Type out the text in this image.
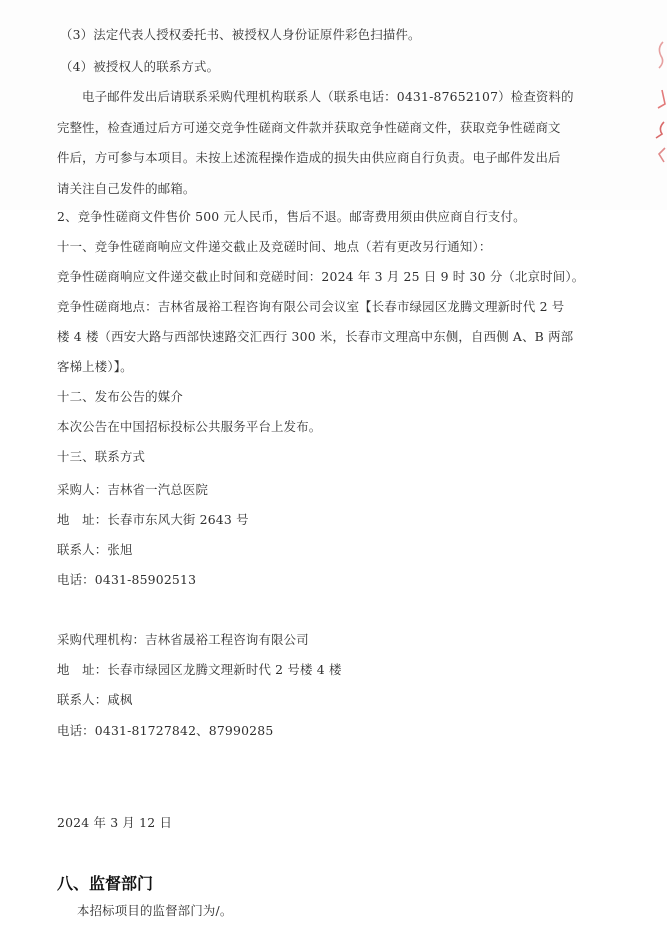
（3）法定代表人授权委托书、被授权人身份证原件彩色扫描件。
（4）被授权人的联系方式。
电子邮件发出后请联系采购代理机构联系人（联系电话：0431-87652107）检查资料的
完整性，检查通过后方可递交竞争性磋商文件款并获取竞争性磋商文件，获取竞争性磋商文
件后，方可参与本项目。未按上述流程操作造成的损失由供应商自行负责。电子邮件发出后
请关注自己发件的邮箱。
2、竞争性磋商文件售价 500 元人民币，售后不退。邮寄费用须由供应商自行支付。
十一、竞争性磋商响应文件递交截止及竞磋时间、地点（若有更改另行通知）：
竞争性磋商响应文件递交截止时间和竞磋时间：2024 年 3 月 25 日 9 时 30 分（北京时间）。
竞争性磋商地点：吉林省晟裕工程咨询有限公司会议室【长春市绿园区龙腾文理新时代 2 号
楼 4 楼（西安大路与西部快速路交汇西行 300 米，长春市文理高中东侧，自西侧 A、B 两部
客梯上楼）】。
十二、发布公告的媒介
本次公告在中国招标投标公共服务平台上发布。
十三、联系方式
采购人：吉林省一汽总医院
地　址：长春市东风大街 2643 号
联系人：张旭
电话：0431-85902513
采购代理机构：吉林省晟裕工程咨询有限公司
地　址：长春市绿园区龙腾文理新时代 2 号楼 4 楼
联系人：咸枫
电话：0431-81727842、87990285
2024 年 3 月 12 日
八、监督部门
本招标项目的监督部门为/。
